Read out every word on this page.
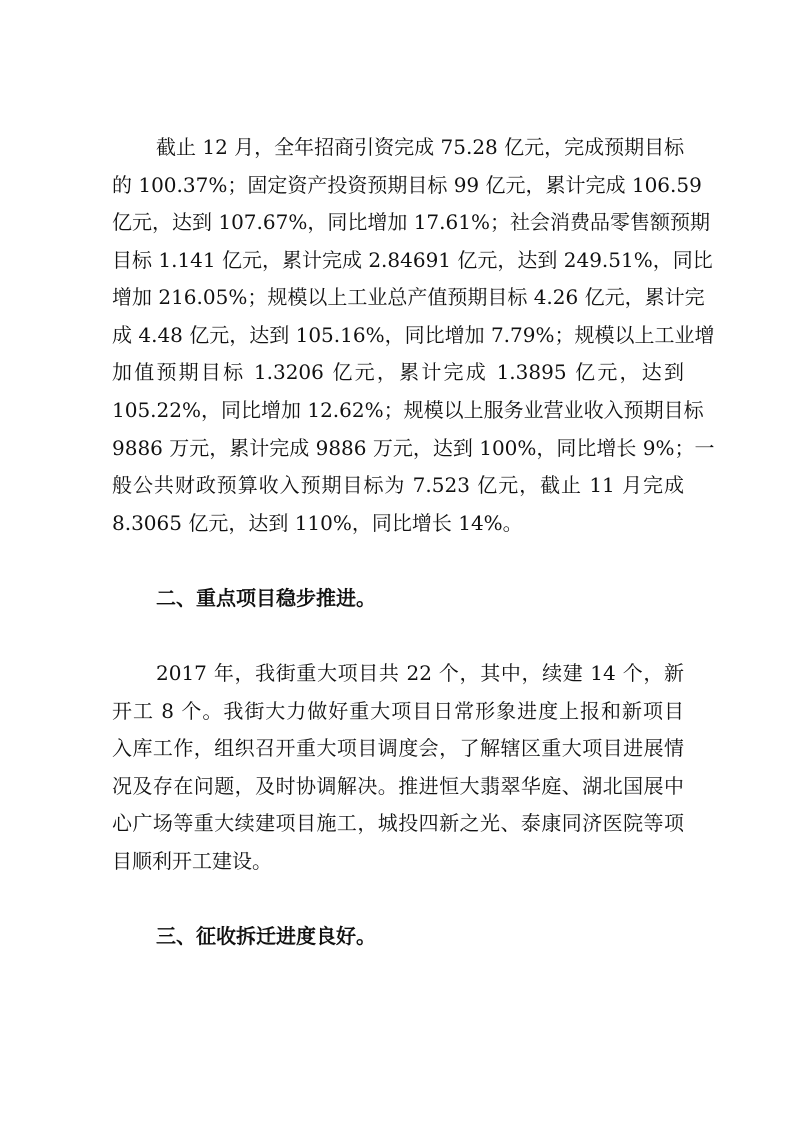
截止 12 月，全年招商引资完成 75.28 亿元，完成预期目标
的 100.37%；固定资产投资预期目标 99 亿元，累计完成 106.59
亿元，达到 107.67%，同比增加 17.61%；社会消费品零售额预期
目标 1.141 亿元，累计完成 2.84691 亿元，达到 249.51%，同比
增加 216.05%；规模以上工业总产值预期目标 4.26 亿元，累计完
成 4.48 亿元，达到 105.16%，同比增加 7.79%；规模以上工业增
加值预期目标 1.3206 亿元，累计完成 1.3895 亿元，达到
105.22%，同比增加 12.62%；规模以上服务业营业收入预期目标
9886 万元，累计完成 9886 万元，达到 100%，同比增长 9%；一
般公共财政预算收入预期目标为 7.523 亿元，截止 11 月完成
8.3065 亿元，达到 110%，同比增长 14%。
二、重点项目稳步推进。
2017 年，我街重大项目共 22 个，其中，续建 14 个，新
开工 8 个。我街大力做好重大项目日常形象进度上报和新项目
入库工作，组织召开重大项目调度会，了解辖区重大项目进展情
况及存在问题，及时协调解决。推进恒大翡翠华庭、湖北国展中
心广场等重大续建项目施工，城投四新之光、泰康同济医院等项
目顺利开工建设。
三、征收拆迁进度良好。
